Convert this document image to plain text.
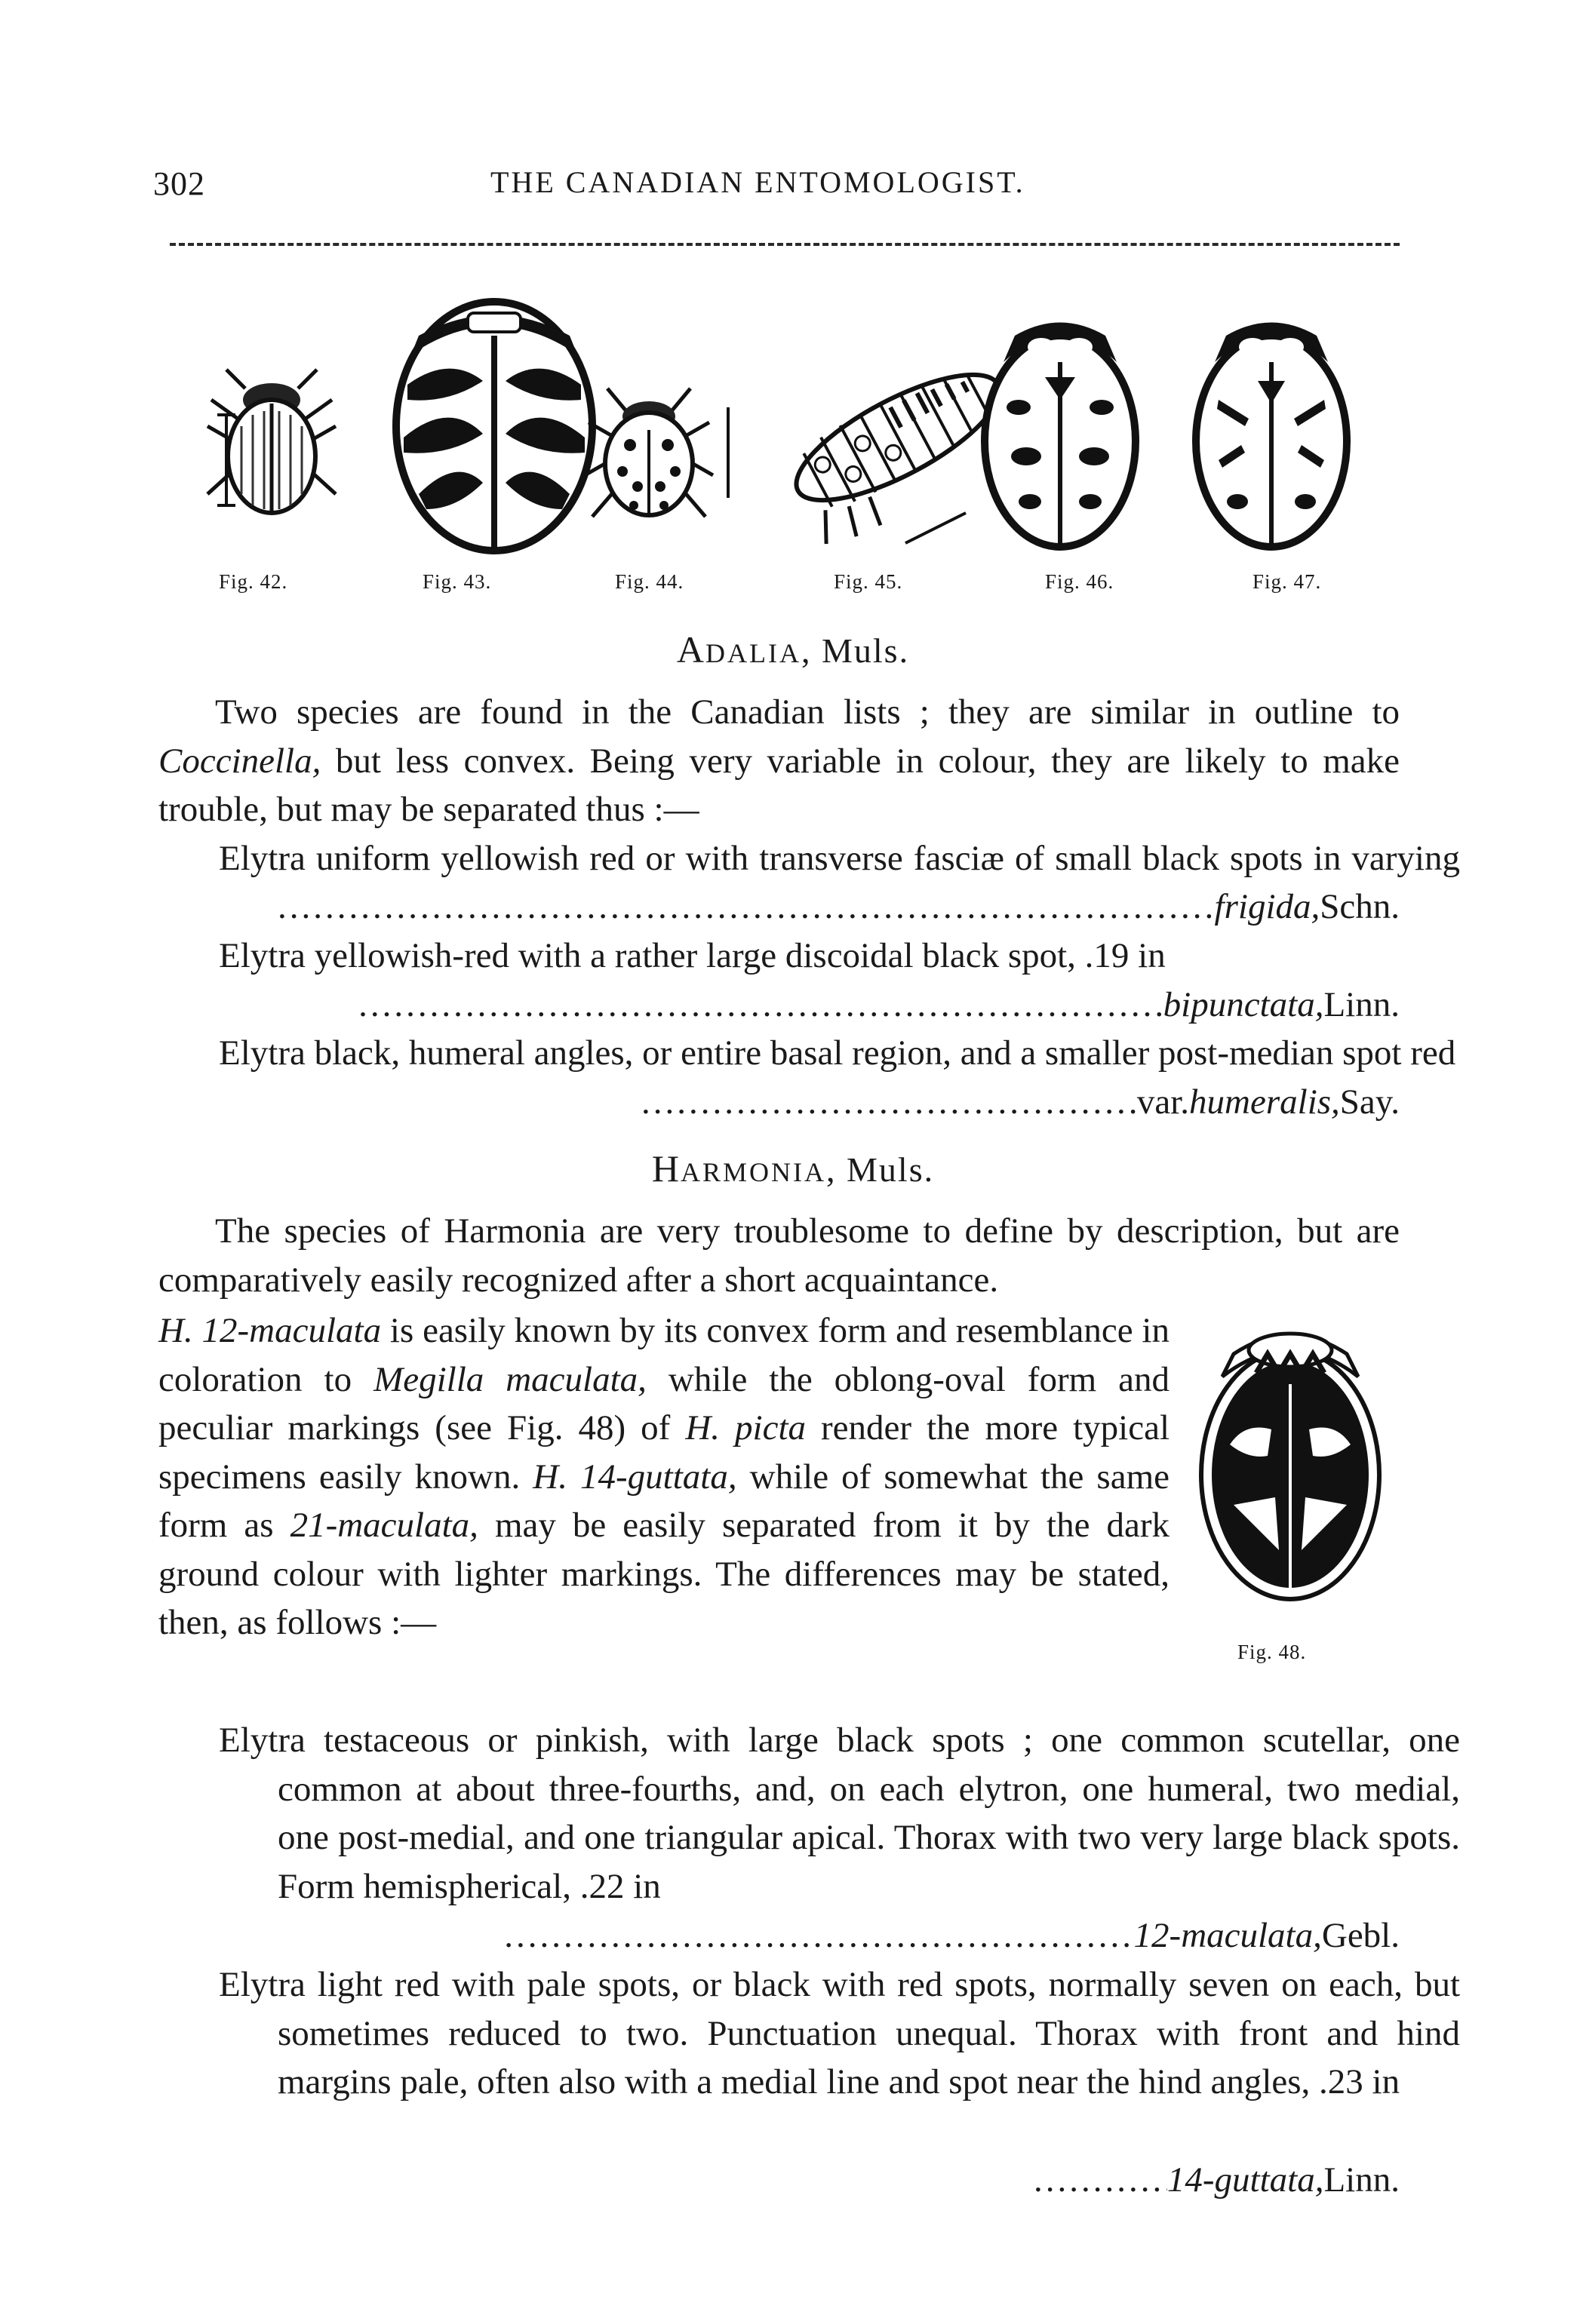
302	THE CANADIAN ENTOMOLOGIST.
Fig. 42.	Fig. 43.	Fig. 44.	Fig. 45.	Fig. 46.	Fig. 47.
ADALIA, Muls.
Two species are found in the Canadian lists ; they are similar in outline to Coccinella, but less convex. Being very variable in colour, they are likely to make trouble, but may be separated thus :—
Elytra uniform yellowish red or with transverse fasciæ of small black spots in varying
.....
frigida, Schn.
Elytra yellowish-red with a rather large discoidal black spot, .19 in
.....
bipunctata, Linn.
Elytra black, humeral angles, or entire basal region, and a smaller post-median spot red
.....
var. humeralis, Say.
HARMONIA, Muls.
The species of Harmonia are very troublesome to define by description, but are comparatively easily recognized after a short acquaintance.
H. 12-maculata is easily known by its convex form and resemblance in coloration to Megilla maculata, while the oblong-oval form and peculiar markings (see Fig. 48) of H. picta render the more typical specimens easily known. H. 14-guttata, while of somewhat the same form as 21-maculata, may be easily separated from it by the dark ground colour with lighter markings. The differences may be stated, then, as follows :—
Fig. 48.
Elytra testaceous or pinkish, with large black spots ; one common scutellar, one common at about three-fourths, and, on each elytron, one humeral, two medial, one post-medial, and one triangular apical. Thorax with two very large black spots. Form hemispherical, .22 in
.....
12-maculata, Gebl.
Elytra light red with pale spots, or black with red spots, normally seven on each, but sometimes reduced to two. Punctuation unequal. Thorax with front and hind margins pale, often also with a medial line and spot near the hind angles, .23 in
.....
14-guttata, Linn.
